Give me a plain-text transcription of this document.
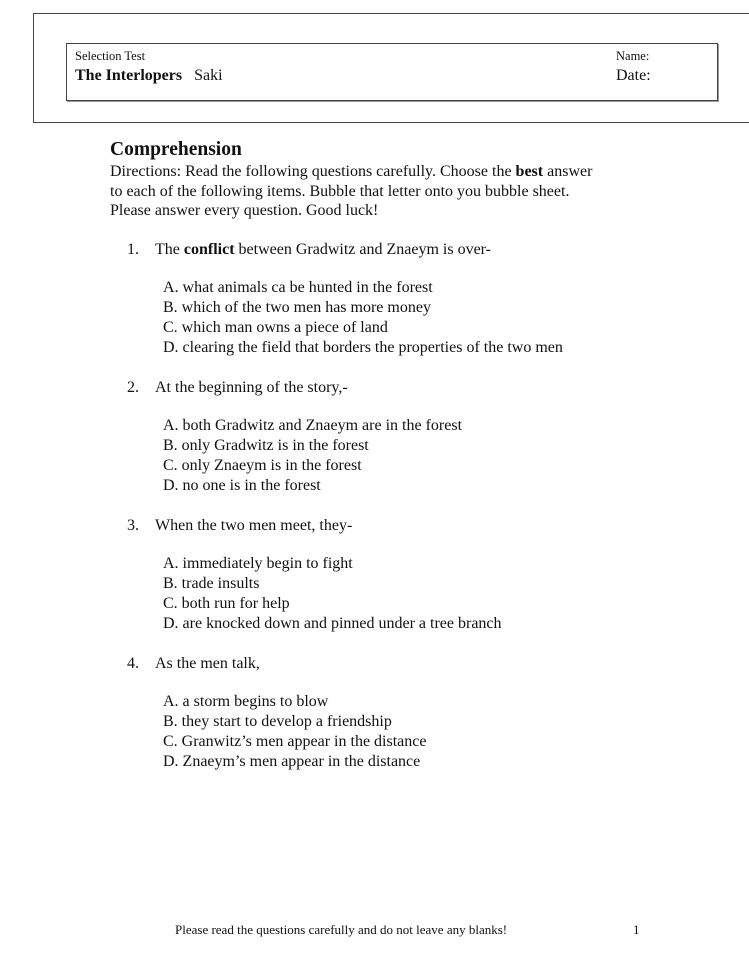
Selection Test
The Interlopers Saki
Name:
Date:
Comprehension
Directions: Read the following questions carefully. Choose the best answer
to each of the following items. Bubble that letter onto you bubble sheet.
Please answer every question. Good luck!
1. The conflict between Gradwitz and Znaeym is over-
A. what animals ca be hunted in the forest
B. which of the two men has more money
C. which man owns a piece of land
D. clearing the field that borders the properties of the two men
2. At the beginning of the story,-
A. both Gradwitz and Znaeym are in the forest
B. only Gradwitz is in the forest
C. only Znaeym is in the forest
D. no one is in the forest
3. When the two men meet, they-
A. immediately begin to fight
B. trade insults
C. both run for help
D. are knocked down and pinned under a tree branch
4. As the men talk,
A. a storm begins to blow
B. they start to develop a friendship
C. Granwitz’s men appear in the distance
D. Znaeym’s men appear in the distance
Please read the questions carefully and do not leave any blanks!	1
